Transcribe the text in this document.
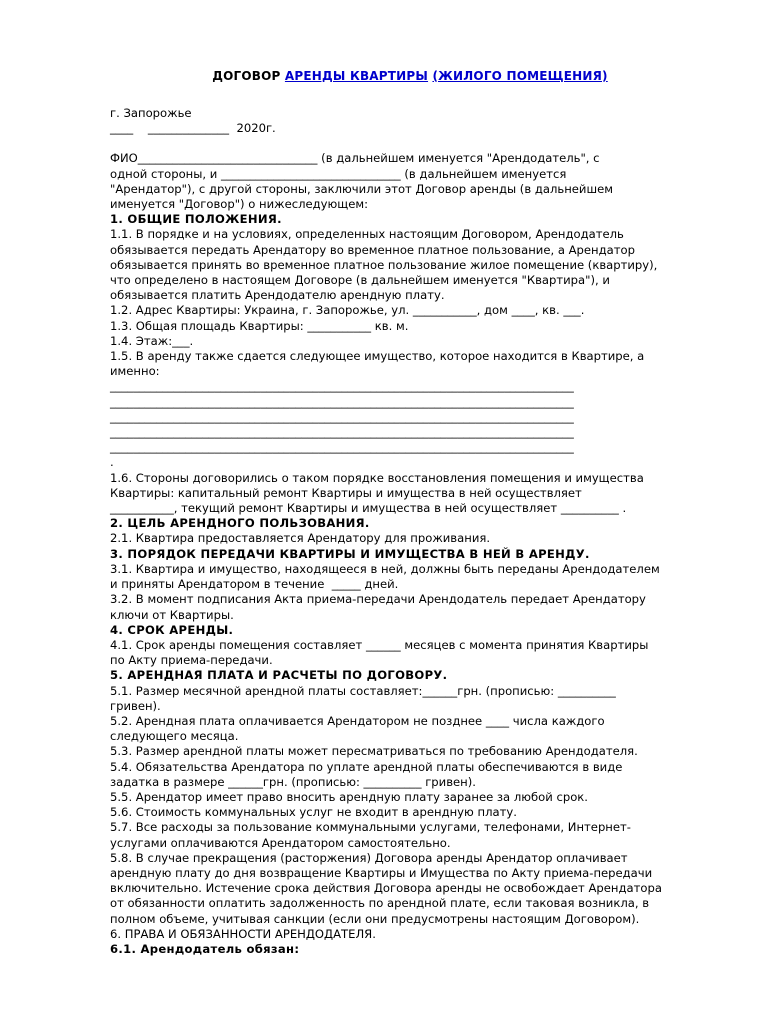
ДОГОВОР АРЕНДЫ КВАРТИРЫ (ЖИЛОГО ПОМЕЩЕНИЯ)
г. Запорожье
____    ______________  2020г.
ФИО_______________________________ (в дальнейшем именуется "Арендодатель", с
одной стороны, и _______________________________ (в дальнейшем именуется
"Арендатор"), с другой стороны, заключили этот Договор аренды (в дальнейшем
именуется "Договор") о нижеследующем:
1. ОБЩИЕ ПОЛОЖЕНИЯ.
1.1. В порядке и на условиях, определенных настоящим Договором, Арендодатель
обязывается передать Арендатору во временное платное пользование, а Арендатор
обязывается принять во временное платное пользование жилое помещение (квартиру),
что определено в настоящем Договоре (в дальнейшем именуется "Квартира"), и
обязывается платить Арендодателю арендную плату.
1.2. Адрес Квартиры: Украина, г. Запорожье, ул. ___________, дом ____, кв. ___.
1.3. Общая площадь Квартиры: ___________ кв. м.
1.4. Этаж:___.
1.5. В аренду также сдается следующее имущество, которое находится в Квартире, а
именно:
________________________________________________________________________________
________________________________________________________________________________
________________________________________________________________________________
________________________________________________________________________________
________________________________________________________________________________
.
1.6. Стороны договорились о таком порядке восстановления помещения и имущества
Квартиры: капитальный ремонт Квартиры и имущества в ней осуществляет
___________, текущий ремонт Квартиры и имущества в ней осуществляет __________ .
2. ЦЕЛЬ АРЕНДНОГО ПОЛЬЗОВАНИЯ.
2.1. Квартира предоставляется Арендатору для проживания.
3. ПОРЯДОК ПЕРЕДАЧИ КВАРТИРЫ И ИМУЩЕСТВА В НЕЙ В АРЕНДУ.
3.1. Квартира и имущество, находящееся в ней, должны быть переданы Арендодателем
и приняты Арендатором в течение  _____ дней.
3.2. В момент подписания Акта приема-передачи Арендодатель передает Арендатору
ключи от Квартиры.
4. СРОК АРЕНДЫ.
4.1. Срок аренды помещения составляет ______ месяцев с момента принятия Квартиры
по Акту приема-передачи.
5. АРЕНДНАЯ ПЛАТА И РАСЧЕТЫ ПО ДОГОВОРУ.
5.1. Размер месячной арендной платы составляет:______грн. (прописью: __________
гривен).
5.2. Арендная плата оплачивается Арендатором не позднее ____ числа каждого
следующего месяца.
5.3. Размер арендной платы может пересматриваться по требованию Арендодателя.
5.4. Обязательства Арендатора по уплате арендной платы обеспечиваются в виде
задатка в размере ______грн. (прописью: __________ гривен).
5.5. Арендатор имеет право вносить арендную плату заранее за любой срок.
5.6. Стоимость коммунальных услуг не входит в арендную плату.
5.7. Все расходы за пользование коммунальными услугами, телефонами, Интернет-
услугами оплачиваются Арендатором самостоятельно.
5.8. В случае прекращения (расторжения) Договора аренды Арендатор оплачивает
арендную плату до дня возвращение Квартиры и Имущества по Акту приема-передачи
включительно. Истечение срока действия Договора аренды не освобождает Арендатора
от обязанности оплатить задолженность по арендной плате, если таковая возникла, в
полном объеме, учитывая санкции (если они предусмотрены настоящим Договором).
6. ПРАВА И ОБЯЗАННОСТИ АРЕНДОДАТЕЛЯ.
6.1. Арендодатель обязан:
